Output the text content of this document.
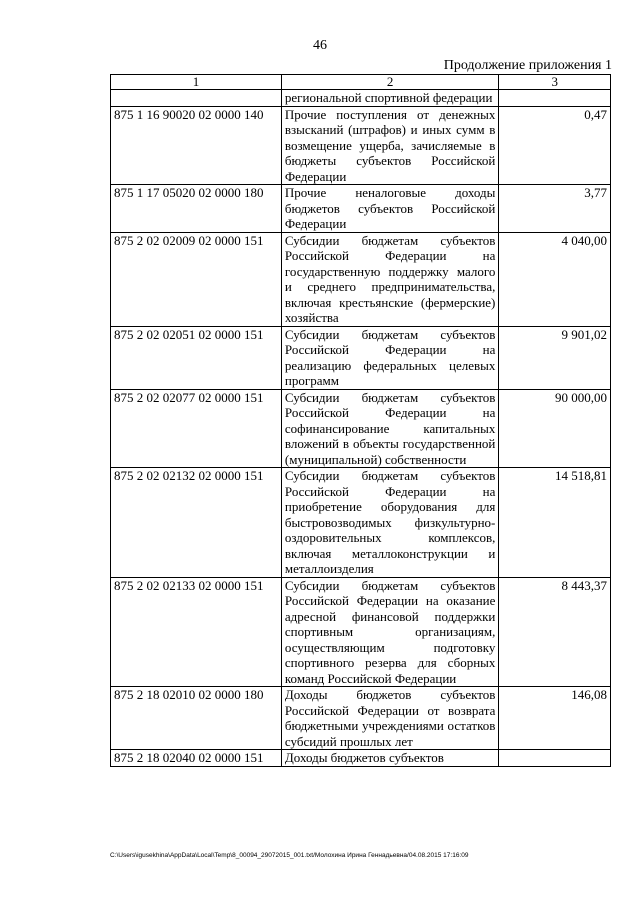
46
Продолжение приложения 1
1	2	3
	региональной спортивной федерации	
875 1 16 90020 02 0000 140	Прочие поступления от денежных взысканий (штрафов) и иных сумм в возмещение ущерба, зачисляемые в бюджеты субъектов Российской Федерации	0,47
875 1 17 05020 02 0000 180	Прочие неналоговые доходы бюджетов субъектов Российской Федерации	3,77
875 2 02 02009 02 0000 151	Субсидии бюджетам субъектов Российской Федерации на государственную поддержку малого и среднего предпринимательства, включая крестьянские (фермерские) хозяйства	4 040,00
875 2 02 02051 02 0000 151	Субсидии бюджетам субъектов Российской Федерации на реализацию федеральных целевых программ	9 901,02
875 2 02 02077 02 0000 151	Субсидии бюджетам субъектов Российской Федерации на софинансирование капитальных вложений в объекты государственной (муниципальной) собственности	90 000,00
875 2 02 02132 02 0000 151	Субсидии бюджетам субъектов Российской Федерации на приобретение оборудования для быстровозводимых физкультурно-оздоровительных комплексов, включая металлоконструкции и металлоизделия	14 518,81
875 2 02 02133 02 0000 151	Субсидии бюджетам субъектов Российской Федерации на оказание адресной финансовой поддержки спортивным организациям, осуществляющим подготовку спортивного резерва для сборных команд Российской Федерации	8 443,37
875 2 18 02010 02 0000 180	Доходы бюджетов субъектов Российской Федерации от возврата бюджетными учреждениями остатков субсидий прошлых лет	146,08
875 2 18 02040 02 0000 151	Доходы бюджетов субъектов	
C:\Users\igusekhina\AppData\Local\Temp\8_00094_29072015_001.txt/Молохина Ирина Геннадьевна/04.08.2015 17:16:09
